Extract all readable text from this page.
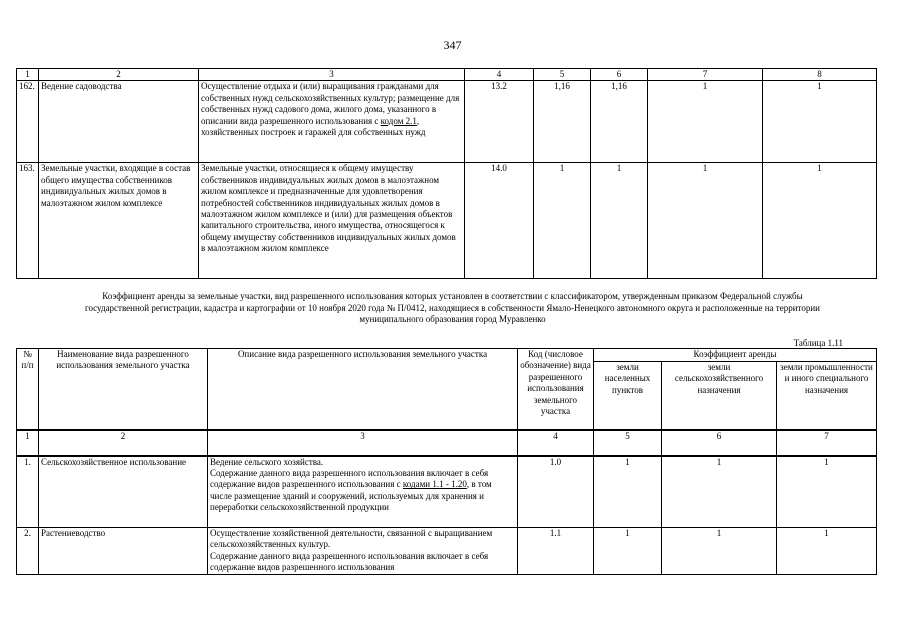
347
1	2	3	4	5	6	7	8
162.	Ведение садоводства	Осуществление отдыха и (или) выращивания гражданами для собственных нужд сельскохозяйственных культур; размещение для собственных нужд садового дома, жилого дома, указанного в описании вида разрешенного использования с кодом 2.1, хозяйственных построек и гаражей для собственных нужд	13.2	1,16	1,16	1	1
163.	Земельные участки, входящие в состав общего имущества собственников индивидуальных жилых домов в малоэтажном жилом комплексе	Земельные участки, относящиеся к общему имуществу собственников индивидуальных жилых домов в малоэтажном жилом комплексе и предназначенные для удовлетворения потребностей собственников индивидуальных жилых домов в малоэтажном жилом комплексе и (или) для размещения объектов капитального строительства, иного имущества, относящегося к общему имуществу собственников индивидуальных жилых домов в малоэтажном жилом комплексе	14.0	1	1	1	1
Коэффициент аренды за земельные участки, вид разрешенного использования которых установлен в соответствии с классификатором, утвержденным приказом Федеральной службы государственной регистрации, кадастра и картографии от 10 ноября 2020 года № П/0412, находящиеся в собственности Ямало-Ненецкого автономного округа и расположенные на территории муниципального образования город Муравленко
Таблица 1.11
№ п/п	Наименование вида разрешенного использования земельного участка	Описание вида разрешенного использования земельного участка	Код (числовое обозначение) вида разрешенного использования земельного участка	Коэффициент аренды		
				земли населенных пунктов	земли сельскохозяйственного назначения	земли промышленности и иного специального назначения
1	2	3	4	5	6	7
1.	Сельскохозяйственное использование	Ведение сельского хозяйства.
Содержание данного вида разрешенного использования включает в себя содержание видов разрешенного использования с кодами 1.1 - 1.20, в том числе размещение зданий и сооружений, используемых для хранения и переработки сельскохозяйственной продукции	1.0	1	1	1
2.	Растениеводство	Осуществление хозяйственной деятельности, связанной с выращиванием сельскохозяйственных культур.
Содержание данного вида разрешенного использования включает в себя содержание видов разрешенного использования	1.1	1	1	1
